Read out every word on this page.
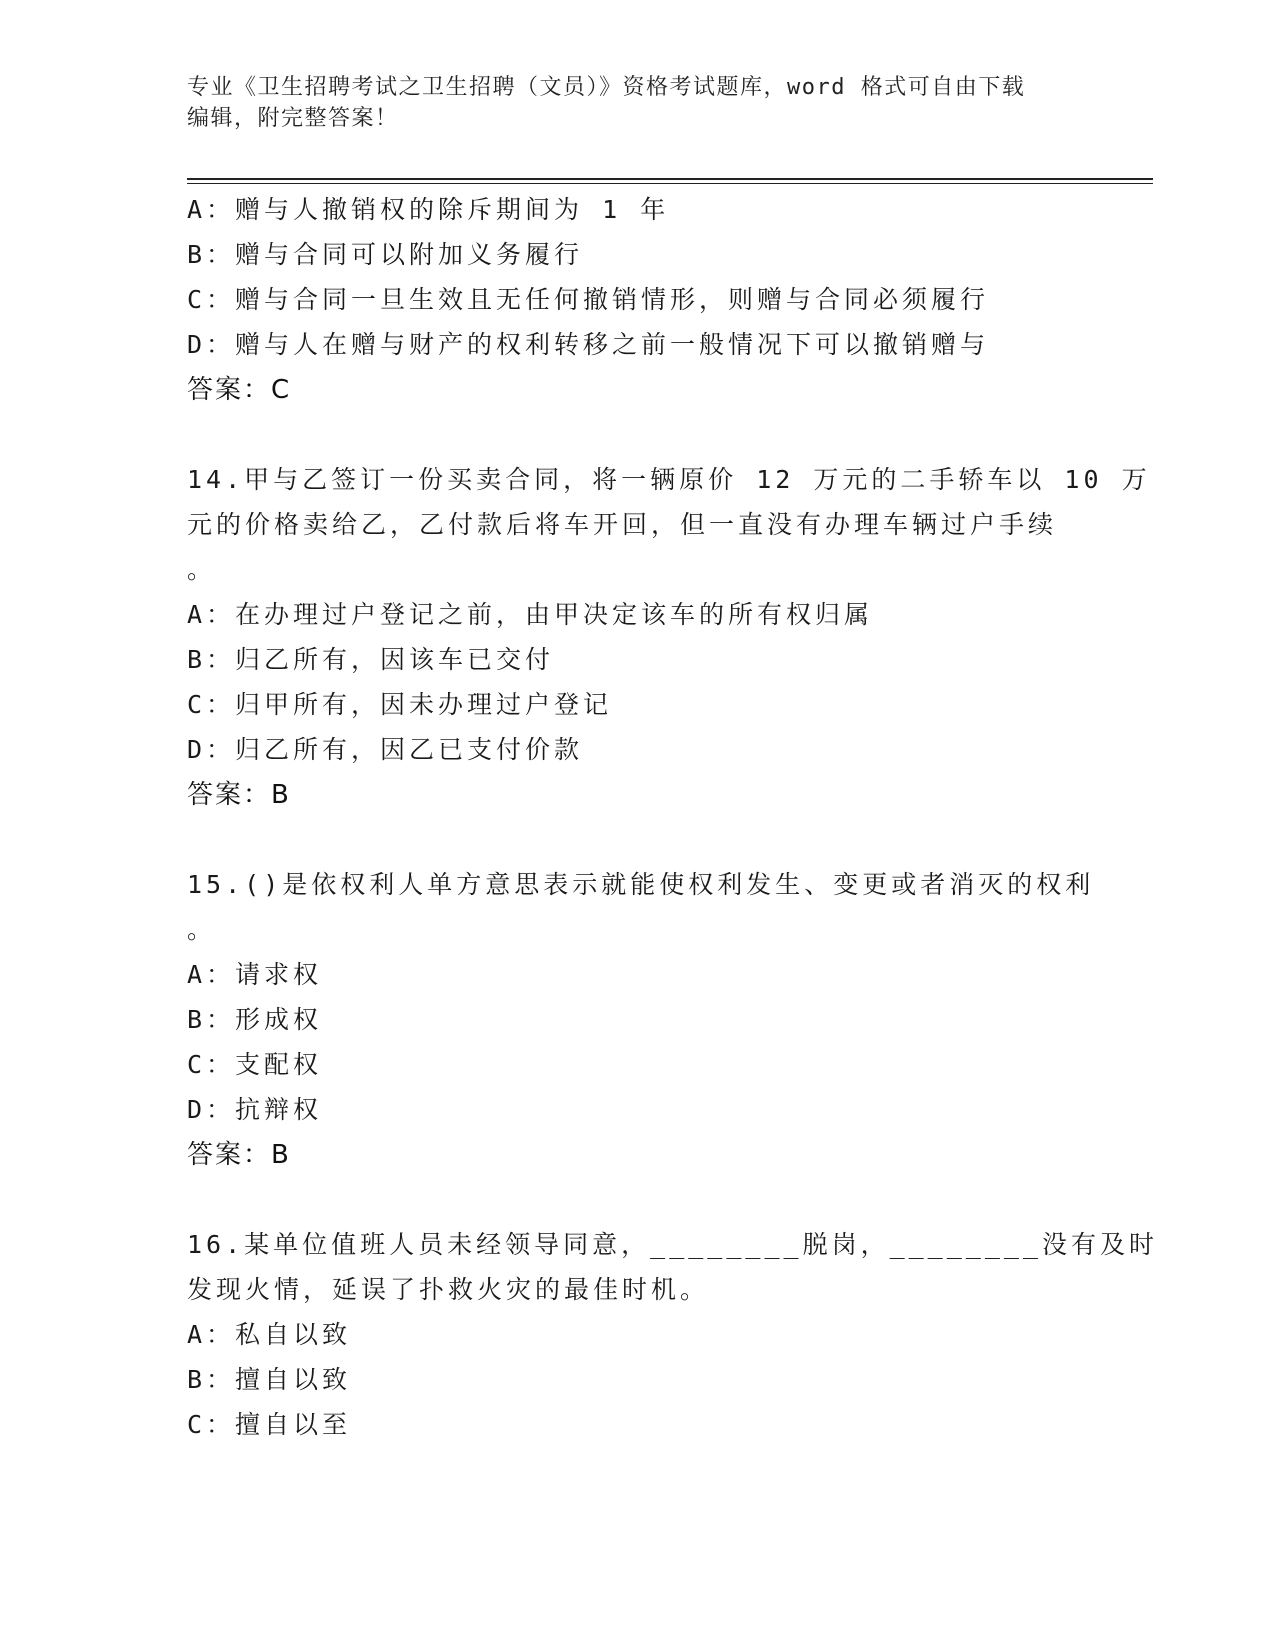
专业《卫生招聘考试之卫生招聘（文员）》资格考试题库，word 格式可自由下载
编辑，附完整答案！
A：赠与人撤销权的除斥期间为 1 年
B：赠与合同可以附加义务履行
C：赠与合同一旦生效且无任何撤销情形，则赠与合同必须履行
D：赠与人在赠与财产的权利转移之前一般情况下可以撤销赠与
答案：C
14.甲与乙签订一份买卖合同，将一辆原价 12 万元的二手轿车以 10 万
元的价格卖给乙，乙付款后将车开回，但一直没有办理车辆过户手续
。
A：在办理过户登记之前，由甲决定该车的所有权归属
B：归乙所有，因该车已交付
C：归甲所有，因未办理过户登记
D：归乙所有，因乙已支付价款
答案：B
15.()是依权利人单方意思表示就能使权利发生、变更或者消灭的权利
。
A：请求权
B：形成权
C：支配权
D：抗辩权
答案：B
16.某单位值班人员未经领导同意，________脱岗，________没有及时
发现火情，延误了扑救火灾的最佳时机。
A：私自以致
B：擅自以致
C：擅自以至
